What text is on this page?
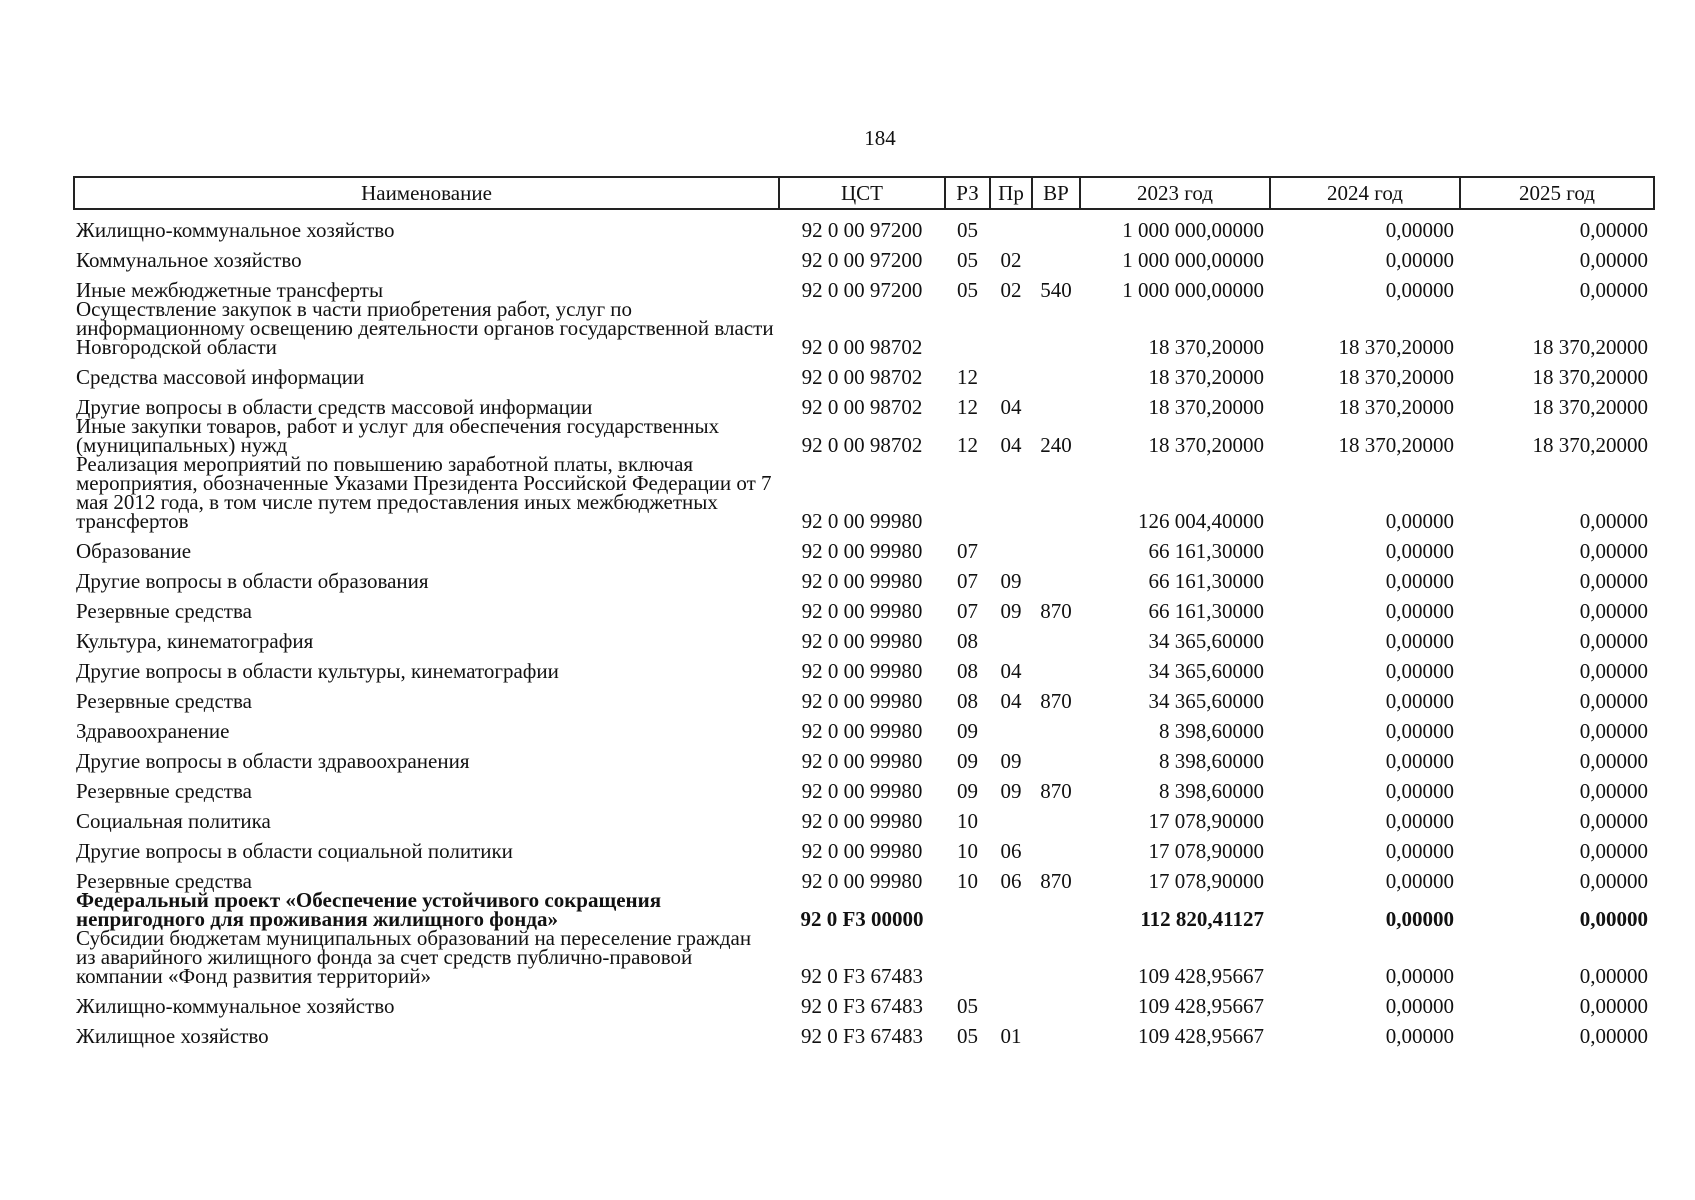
184
Наименование	ЦСТ	РЗ	Пр	ВР	2023 год	2024 год	2025 год
Жилищно-коммунальное хозяйство	92 0 00 97200	05			1 000 000,00000	0,00000	0,00000
Коммунальное хозяйство	92 0 00 97200	05	02		1 000 000,00000	0,00000	0,00000
Иные межбюджетные трансферты	92 0 00 97200	05	02	540	1 000 000,00000	0,00000	0,00000
Осуществление закупок в части приобретения работ, услуг по информационному освещению деятельности органов государственной власти Новгородской области	92 0 00 98702				18 370,20000	18 370,20000	18 370,20000
Средства массовой информации	92 0 00 98702	12			18 370,20000	18 370,20000	18 370,20000
Другие вопросы в области средств массовой информации	92 0 00 98702	12	04		18 370,20000	18 370,20000	18 370,20000
Иные закупки товаров, работ и услуг для обеспечения государственных (муниципальных) нужд	92 0 00 98702	12	04	240	18 370,20000	18 370,20000	18 370,20000
Реализация мероприятий по повышению заработной платы, включая мероприятия, обозначенные Указами Президента Российской Федерации от 7 мая 2012 года, в том числе путем предоставления иных межбюджетных трансфертов	92 0 00 99980				126 004,40000	0,00000	0,00000
Образование	92 0 00 99980	07			66 161,30000	0,00000	0,00000
Другие вопросы в области образования	92 0 00 99980	07	09		66 161,30000	0,00000	0,00000
Резервные средства	92 0 00 99980	07	09	870	66 161,30000	0,00000	0,00000
Культура, кинематография	92 0 00 99980	08			34 365,60000	0,00000	0,00000
Другие вопросы в области культуры, кинематографии	92 0 00 99980	08	04		34 365,60000	0,00000	0,00000
Резервные средства	92 0 00 99980	08	04	870	34 365,60000	0,00000	0,00000
Здравоохранение	92 0 00 99980	09			8 398,60000	0,00000	0,00000
Другие вопросы в области здравоохранения	92 0 00 99980	09	09		8 398,60000	0,00000	0,00000
Резервные средства	92 0 00 99980	09	09	870	8 398,60000	0,00000	0,00000
Социальная политика	92 0 00 99980	10			17 078,90000	0,00000	0,00000
Другие вопросы в области социальной политики	92 0 00 99980	10	06		17 078,90000	0,00000	0,00000
Резервные средства	92 0 00 99980	10	06	870	17 078,90000	0,00000	0,00000
Федеральный проект «Обеспечение устойчивого сокращения непригодного для проживания жилищного фонда»	92 0 F3 00000				112 820,41127	0,00000	0,00000
Субсидии бюджетам муниципальных образований на переселение граждан из аварийного жилищного фонда за счет средств публично-правовой компании «Фонд развития территорий»	92 0 F3 67483				109 428,95667	0,00000	0,00000
Жилищно-коммунальное хозяйство	92 0 F3 67483	05			109 428,95667	0,00000	0,00000
Жилищное хозяйство	92 0 F3 67483	05	01		109 428,95667	0,00000	0,00000
